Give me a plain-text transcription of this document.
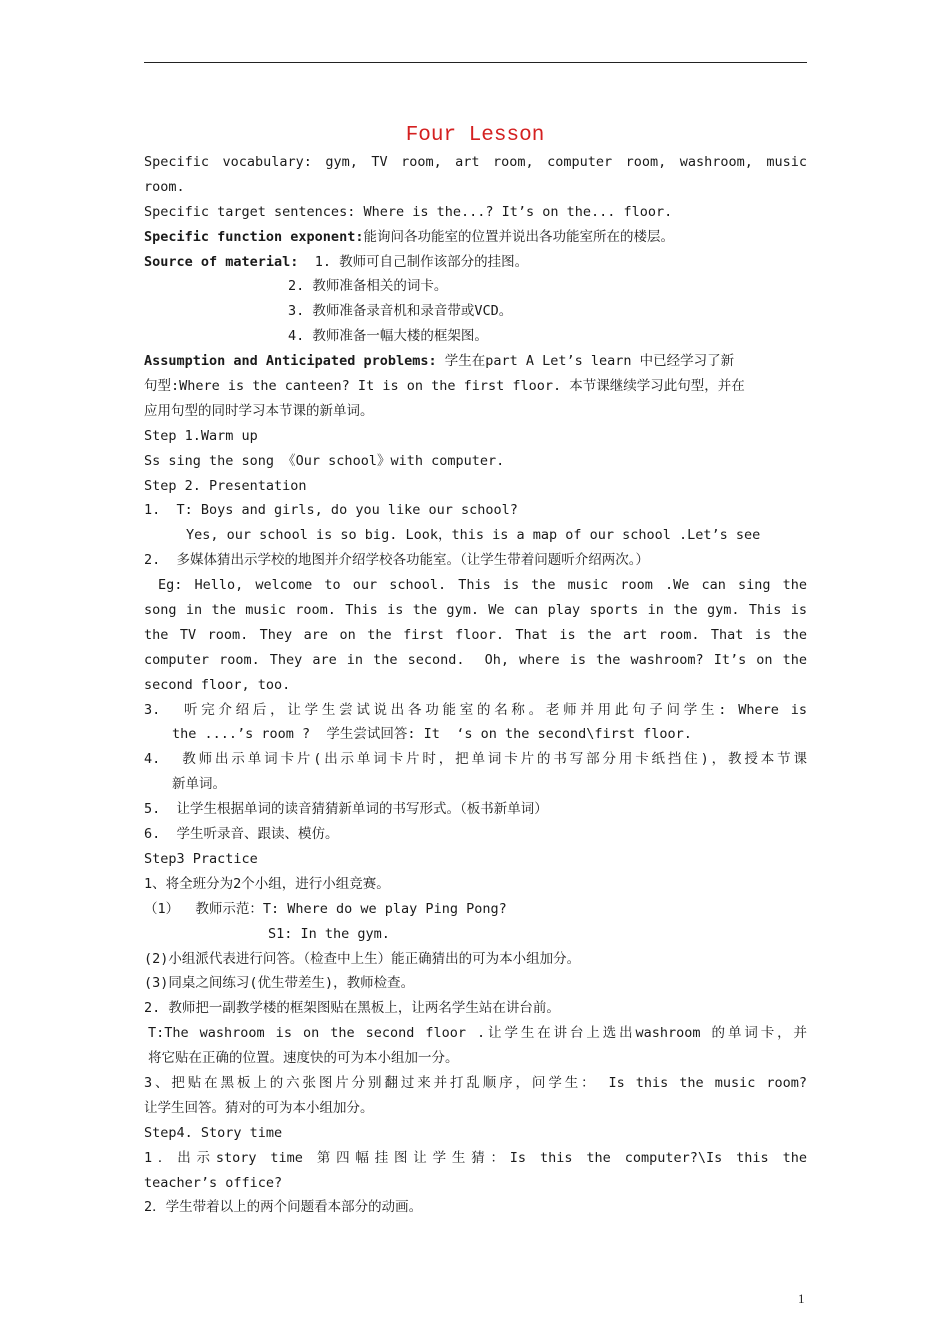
Four Lesson
Specific vocabulary: gym, TV room, art room, computer room, washroom, music
room.
Specific target sentences: Where is the...? It’s on the... floor.
Specific function exponent:能询问各功能室的位置并说出各功能室所在的楼层。
Source of material:  1. 教师可自己制作该部分的挂图。
2. 教师准备相关的词卡。
3. 教师准备录音机和录音带或VCD。
4. 教师准备一幅大楼的框架图。
Assumption and Anticipated problems: 学生在part A Let’s learn 中已经学习了新
句型:Where is the canteen? It is on the first floor. 本节课继续学习此句型，并在
应用句型的同时学习本节课的新单词。
Step 1.Warm up
Ss sing the song 《Our school》with computer.
Step 2. Presentation
1.  T: Boys and girls, do you like our school?
Yes, our school is so big. Look，this is a map of our school .Let’s see
2.  多媒体猜出示学校的地图并介绍学校各功能室。（让学生带着问题听介绍两次。）
Eg: Hello, welcome to our school. This is the music room .We can sing the
song in the music room. This is the gym. We can play sports in the gym. This is
the TV room. They are on the first floor. That is the art room. That is the
computer room. They are in the second.  Oh, where is the washroom? It’s on the
second floor, too.
3.  听完介绍后，让学生尝试说出各功能室的名称。老师并用此句子问学生: Where is
the ....’s room ?  学生尝试回答: It  ‘s on the second\first floor.
4.  教师出示单词卡片(出示单词卡片时，把单词卡片的书写部分用卡纸挡住)，教授本节课
新单词。
5.  让学生根据单词的读音猜猜新单词的书写形式。（板书新单词）
6.  学生听录音、跟读、模仿。
Step3 Practice
1、将全班分为2个小组，进行小组竞赛。
（1）  教师示范：T: Where do we play Ping Pong?
S1: In the gym.
(2)小组派代表进行问答。（检查中上生）能正确猜出的可为本小组加分。
(3)同桌之间练习(优生带差生)，教师检查。
2. 教师把一副教学楼的框架图贴在黑板上，让两名学生站在讲台前。
T:The washroom is on the second floor .让学生在讲台上选出washroom 的单词卡，并
将它贴在正确的位置。速度快的可为本小组加一分。
3、把贴在黑板上的六张图片分别翻过来并打乱顺序，问学生： Is this the music room?
让学生回答。猜对的可为本小组加分。
Step4. Story time
1．出示story time 第四幅挂图让学生猜：Is this the computer?\Is this the
teacher’s office?
2．学生带着以上的两个问题看本部分的动画。
1
